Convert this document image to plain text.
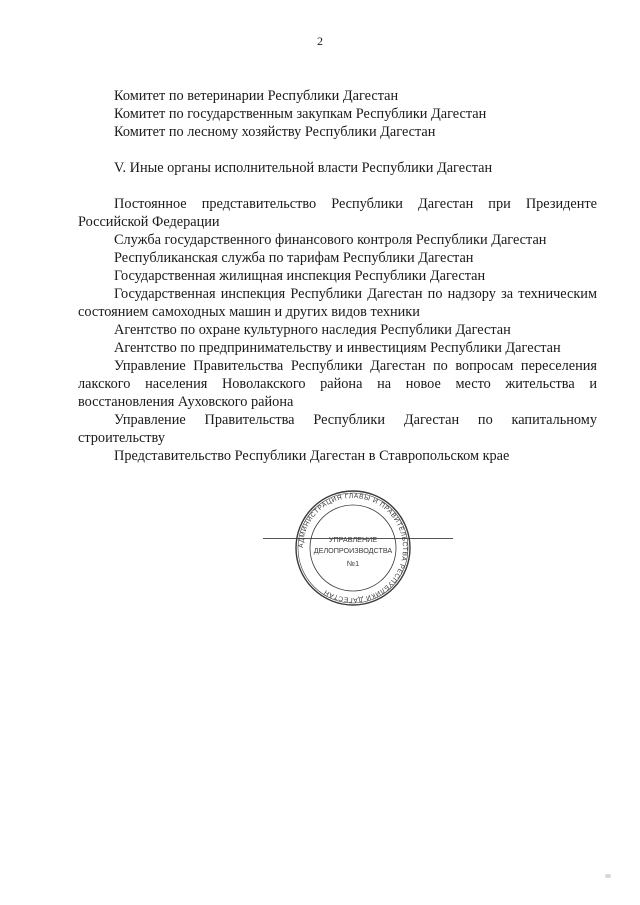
2
Комитет по ветеринарии Республики Дагестан
Комитет по государственным закупкам Республики Дагестан
Комитет по лесному хозяйству Республики Дагестан
V. Иные органы исполнительной власти Республики Дагестан
Постоянное представительство Республики Дагестан при Президенте Российской Федерации
Служба государственного финансового контроля Республики Дагестан
Республиканская служба по тарифам Республики Дагестан
Государственная жилищная инспекция Республики Дагестан
Государственная инспекция Республики Дагестан по надзору за техническим состоянием самоходных машин и других видов техники
Агентство по охране культурного наследия Республики Дагестан
Агентство по предпринимательству и инвестициям Республики Дагестан
Управление Правительства Республики Дагестан по вопросам переселения лакского населения Новолакского района на новое место жительства и восстановления Ауховского района
Управление Правительства Республики Дагестан по капитальному строительству
Представительство Республики Дагестан в Ставропольском крае
АДМИНИСТРАЦИЯ ГЛАВЫ И ПРАВИТЕЛЬСТВА РЕСПУБЛИКИ ДАГЕСТАН
УПРАВЛЕНИЕ
ДЕЛОПРОИЗВОДСТВА
№1
